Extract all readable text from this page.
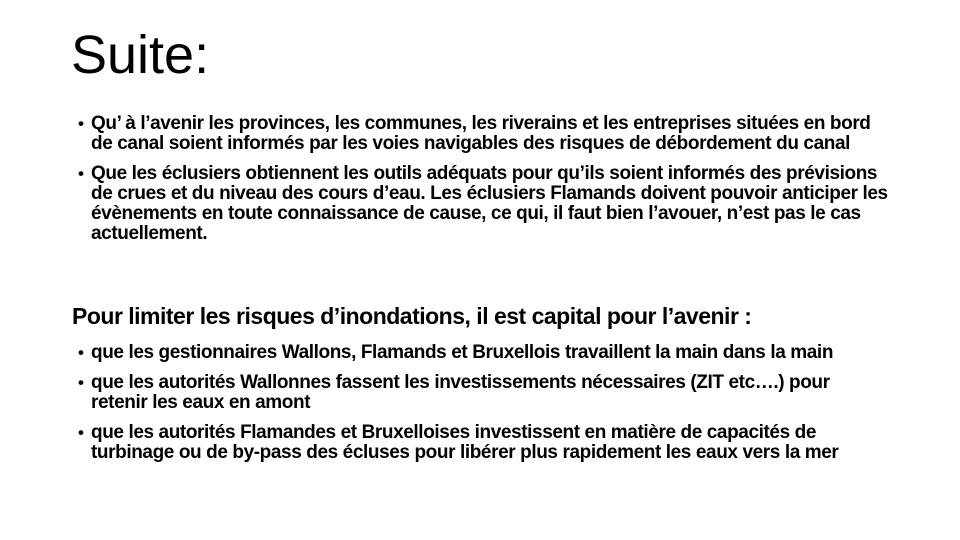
Suite:
• Qu’ à l’avenir les provinces, les communes, les riverains et les entreprises situées en bord de canal soient informés par les voies navigables des risques de débordement du canal
• Que les éclusiers obtiennent les outils adéquats pour qu’ils soient informés des prévisions de crues et du niveau des cours d’eau. Les éclusiers Flamands doivent pouvoir anticiper les évènements en toute connaissance de cause, ce qui, il faut bien l’avouer, n’est pas le cas actuellement.
Pour limiter les risques d’inondations, il est capital pour l’avenir :
• que les gestionnaires Wallons, Flamands et Bruxellois travaillent la main dans la main
• que les autorités Wallonnes fassent les investissements nécessaires (ZIT etc….) pour retenir les eaux en amont
• que les autorités Flamandes et Bruxelloises investissent en matière de capacités de turbinage ou de by-pass des écluses pour libérer plus rapidement les eaux vers la mer
